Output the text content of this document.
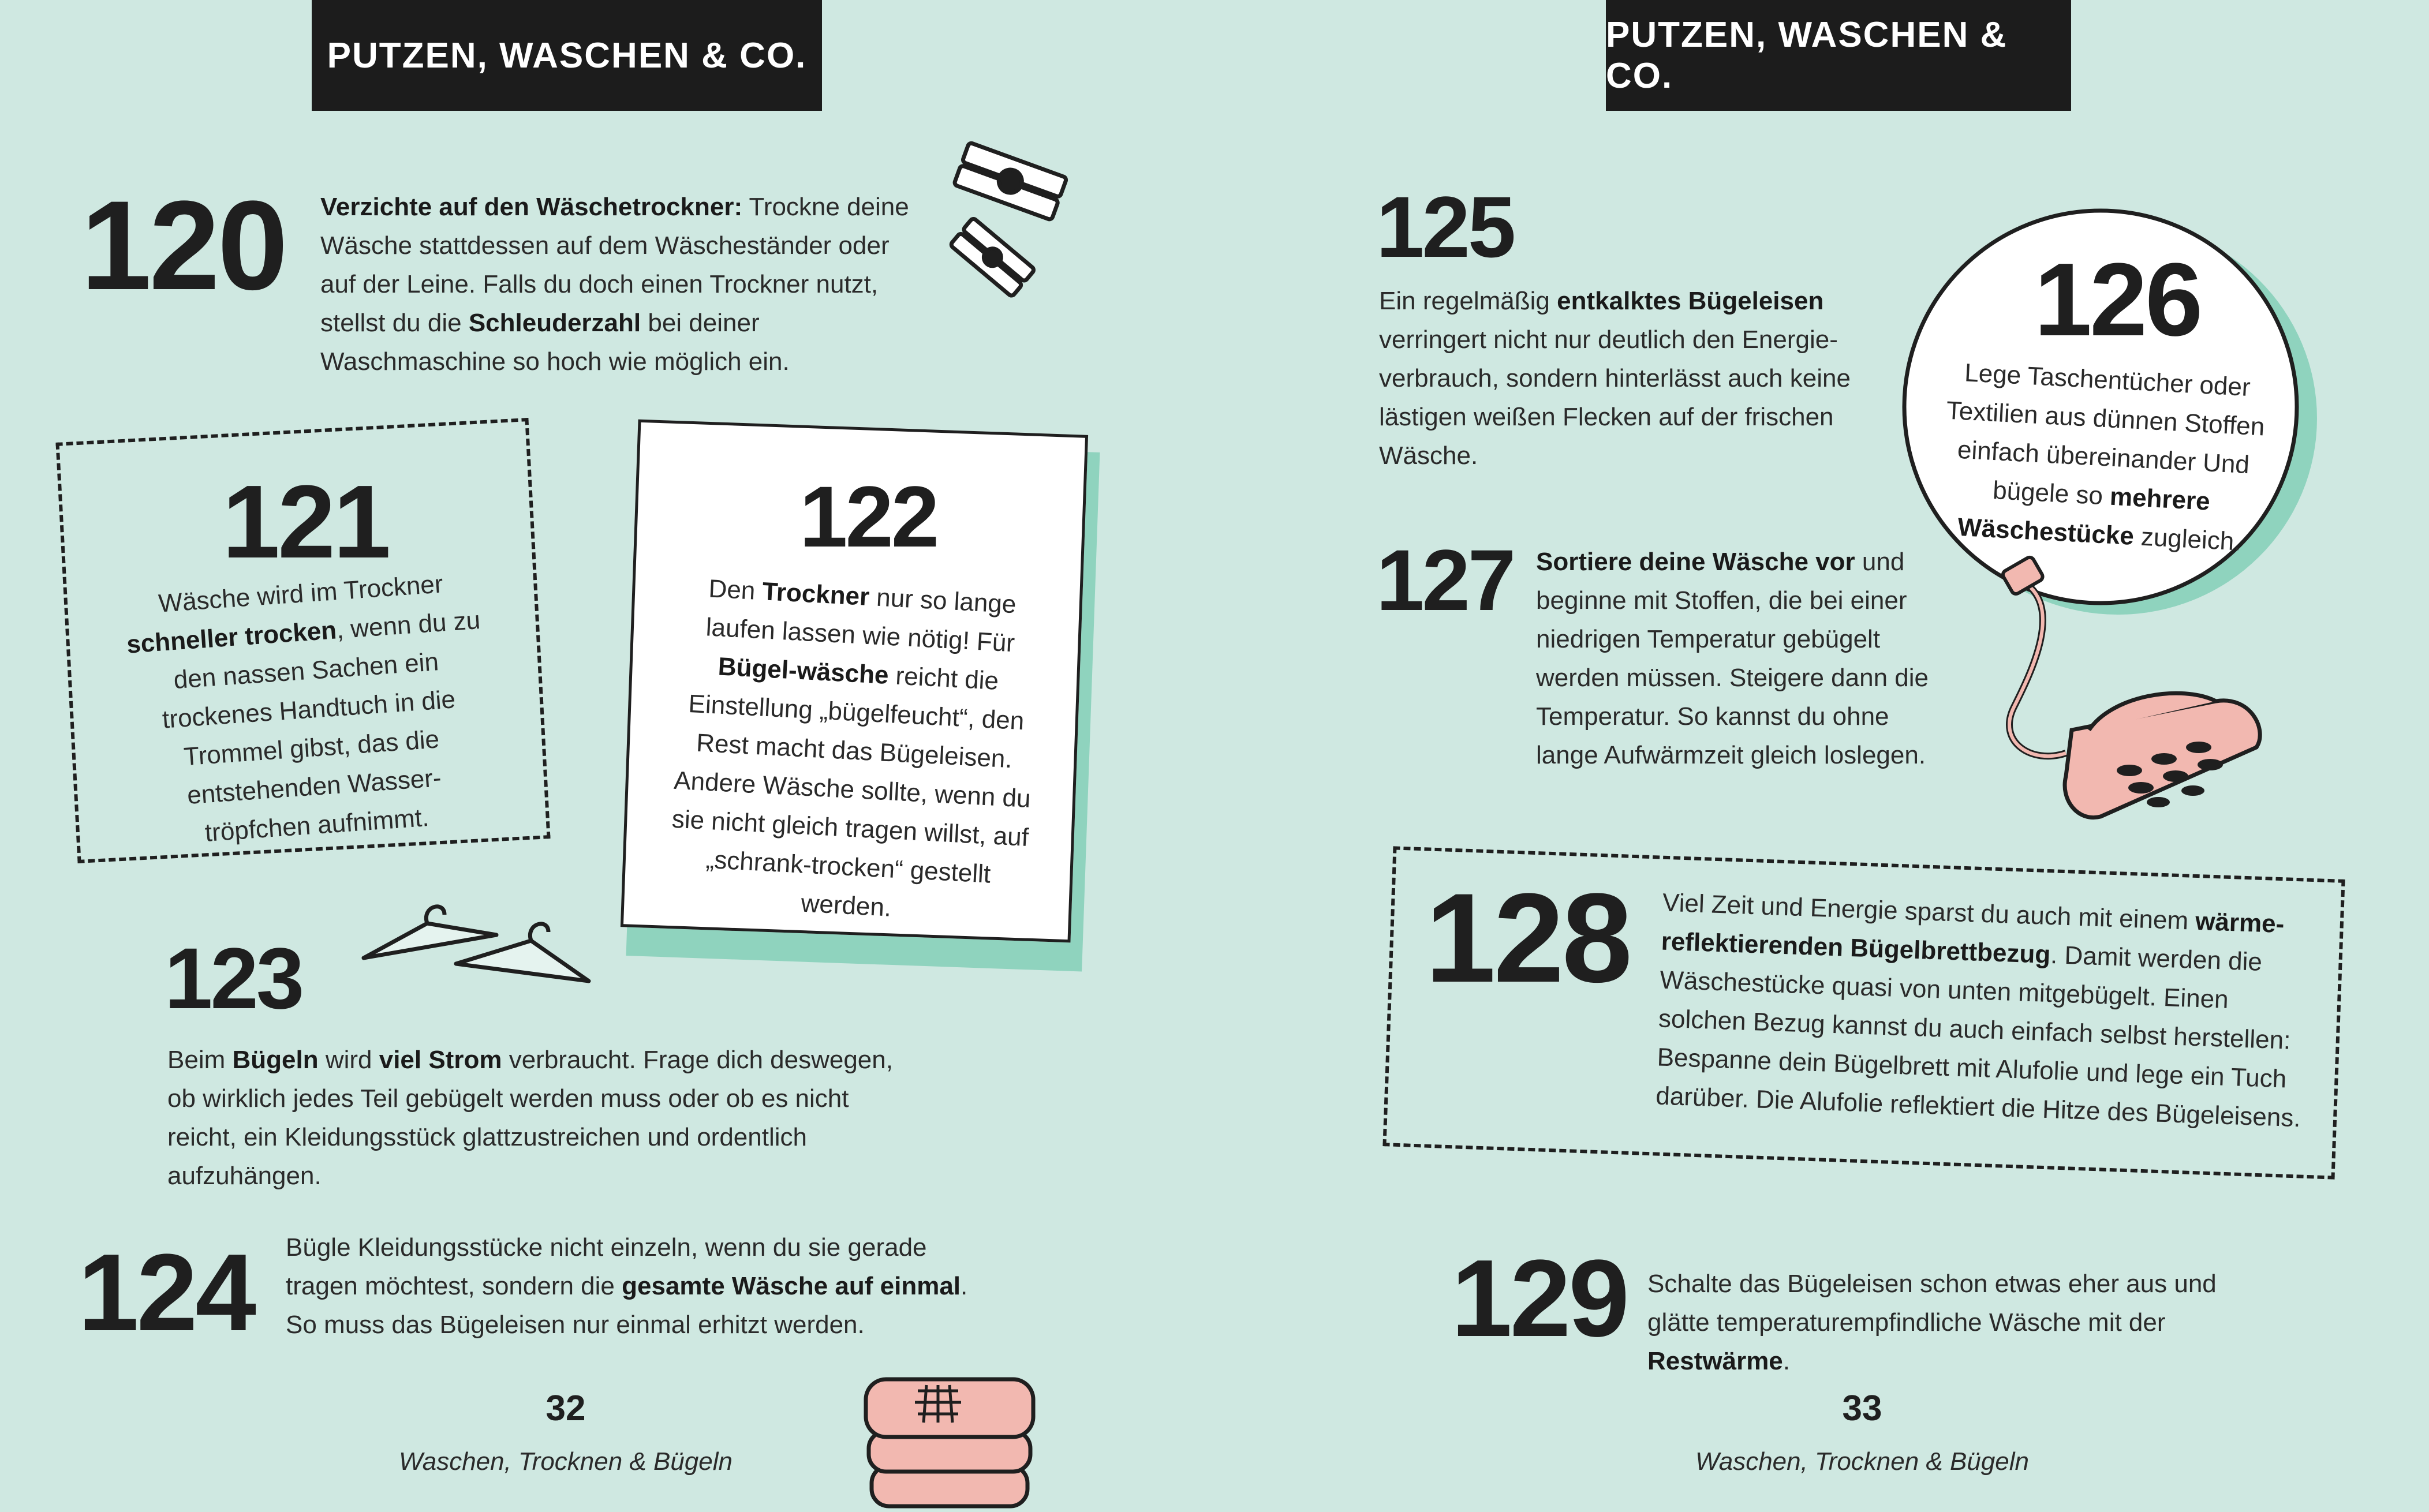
PUTZEN, WASCHEN & CO.
120 Verzichte auf den Wäschetrockner: Trockne deine Wäsche stattdessen auf dem Wäscheständer oder auf der Leine. Falls du doch einen Trockner nutzt, stellst du die Schleuderzahl bei deiner Waschmaschine so hoch wie möglich ein.
121
Wäsche wird im Trockner schneller trocken, wenn du zu den nassen Sachen ein trockenes Handtuch in die Trommel gibst, das die entstehenden Wasser-tröpfchen aufnimmt.
122
Den Trockner nur so lange laufen lassen wie nötig! Für Bügel-wäsche reicht die Einstellung „bügelfeucht“, den Rest macht das Bügeleisen. Andere Wäsche sollte, wenn du sie nicht gleich tragen willst, auf „schrank-trocken“ gestellt werden.
123
Beim Bügeln wird viel Strom verbraucht. Frage dich deswegen, ob wirklich jedes Teil gebügelt werden muss oder ob es nicht reicht, ein Kleidungsstück glattzustreichen und ordentlich aufzuhängen.
124 Bügle Kleidungsstücke nicht einzeln, wenn du sie gerade tragen möchtest, sondern die gesamte Wäsche auf einmal. So muss das Bügeleisen nur einmal erhitzt werden.
32
Waschen, Trocknen & Bügeln
PUTZEN, WASCHEN & CO.
125
Ein regelmäßig entkalktes Bügeleisen verringert nicht nur deutlich den Energie-verbrauch, sondern hinterlässt auch keine lästigen weißen Flecken auf der frischen Wäsche.
126
Lege Taschentücher oder Textilien aus dünnen Stoffen einfach übereinander Und bügele so mehrere Wäschestücke zugleich.
127 Sortiere deine Wäsche vor und beginne mit Stoffen, die bei einer niedrigen Temperatur gebügelt werden müssen. Steigere dann die Temperatur. So kannst du ohne lange Aufwärmzeit gleich loslegen.
128 Viel Zeit und Energie sparst du auch mit einem wärme-reflektierenden Bügelbrettbezug. Damit werden die Wäschestücke quasi von unten mitgebügelt. Einen solchen Bezug kannst du auch einfach selbst herstellen: Bespanne dein Bügelbrett mit Alufolie und lege ein Tuch darüber. Die Alufolie reflektiert die Hitze des Bügeleisens.
129 Schalte das Bügeleisen schon etwas eher aus und glätte temperaturempfindliche Wäsche mit der Restwärme.
33
Waschen, Trocknen & Bügeln
